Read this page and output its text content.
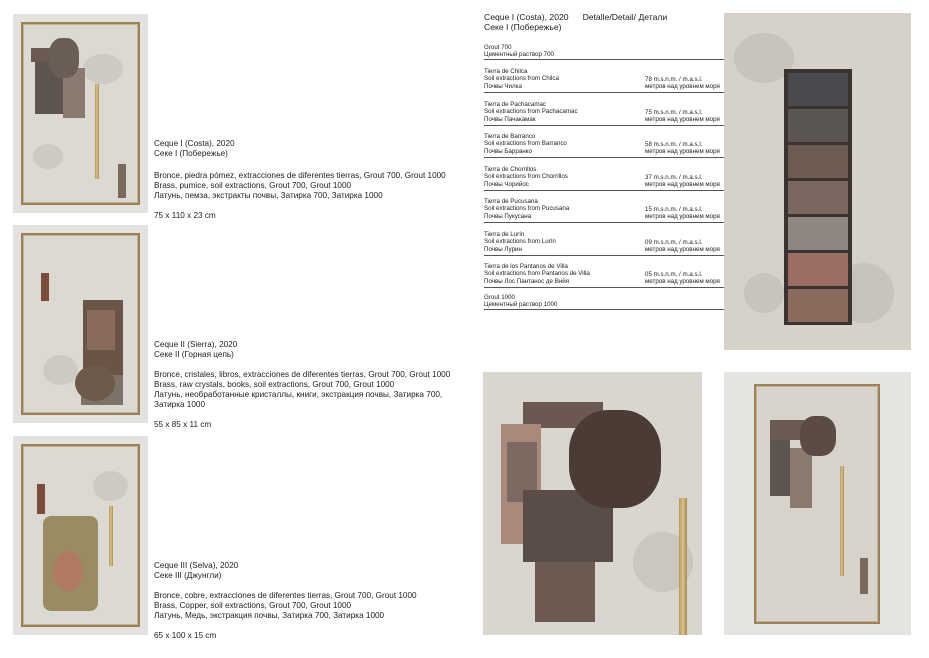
Ceque I (Costa), 2020
Секе I (Побережье)
Bronce, piedra pómez, extracciones de diferentes tierras, Grout 700, Grout 1000
Brass, pumice, soil extractions, Grout 700, Grout 1000
Латунь, пемза, экстракты почвы, Затирка 700, Затирка 1000
75 x 110 x 23 cm
Ceque II (Sierra), 2020
Секе II (Горная цепь)
Bronce, cristales, libros, extracciones de diferentes tierras, Grout 700, Grout 1000
Brass, raw crystals, books, soil extractions, Grout 700, Grout 1000
Латунь, необработанные кристаллы, книги, экстракция почвы, Затирка 700,
Затирка 1000
55 x 85 x 11 cm
Ceque III (Selva), 2020
Секе III (Джунгли)
Bronce, cobre, extracciones de diferentes tierras, Grout 700, Grout 1000
Brass, Copper, soil extractions, Grout 700, Grout 1000
Латунь, Медь, экстракция почвы, Затирка 700, Затирка 1000
65 x 100 x 15 cm
Ceque I (Costa), 2020 Detalle/Detail/ Детали
Секе I (Побережье)
Grout 700
Цементный раствор 700
Tierra de Chilca
Soil extractions from Chilca
Почвы Чилка
78 m.s.n.m. / m.a.s.l.
метров над уровнем моря
Tierra de Pachacamac
Soil extractions from Pachacamac
Почвы Пачакамак
75 m.s.n.m. / m.a.s.l.
метров над уровнем моря
Tierra de Barranco
Soil extractions from Barranco
Почвы Барранко
58 m.s.n.m. / m.a.s.l.
метров над уровнем моря
Tierra de Chorrillos
Soil extractions from Chorrillos
Почвы Чорийос
37 m.s.n.m. / m.a.s.l.
метров над уровнем моря
Tierra de Pucusana
Soil extractions from Pucusana
Почвы Пукусана
15 m.s.n.m. / m.a.s.l.
метров над уровнем моря
Tierra de Lurín
Soil extractions from Lurín
Почвы Лурин
09 m.s.n.m. / m.a.s.l.
метров над уровнем моря
Tierra de los Pantanos de Villa
Soil extractions from Pantanos de Villa
Почвы Лос Пантанос де Вийя
05 m.s.n.m. / m.a.s.l.
метров над уровнем моря
Grout 1000
Цементный раствор 1000
